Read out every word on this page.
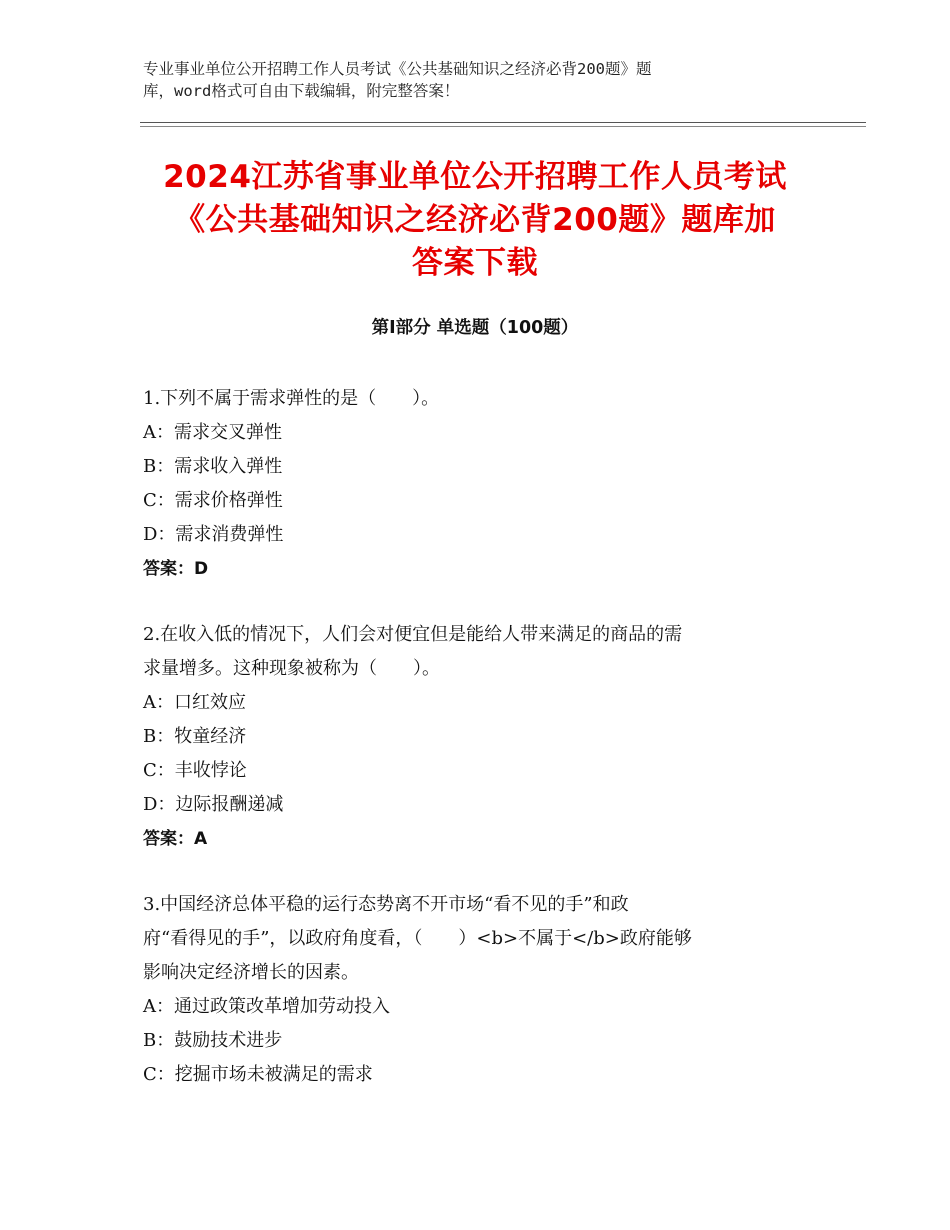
专业事业单位公开招聘工作人员考试《公共基础知识之经济必背200题》题
库，word格式可自由下载编辑，附完整答案！
2024江苏省事业单位公开招聘工作人员考试
《公共基础知识之经济必背200题》题库加
答案下载
第Ⅰ部分 单选题（100题）

1.下列不属于需求弹性的是（　　）。

A：需求交叉弹性

B：需求收入弹性

C：需求价格弹性

D：需求消费弹性

答案：D

2.在收入低的情况下，人们会对便宜但是能给人带来满足的商品的需

求量增多。这种现象被称为（　　）。

A：口红效应

B：牧童经济

C：丰收悖论

D：边际报酬递减

答案：A

3.中国经济总体平稳的运行态势离不开市场“看不见的手”和政

府“看得见的手”，以政府角度看，（　　）<b>不属于</b>政府能够

影响决定经济增长的因素。

A：通过政策改革增加劳动投入

B：鼓励技术进步

C：挖掘市场未被满足的需求
